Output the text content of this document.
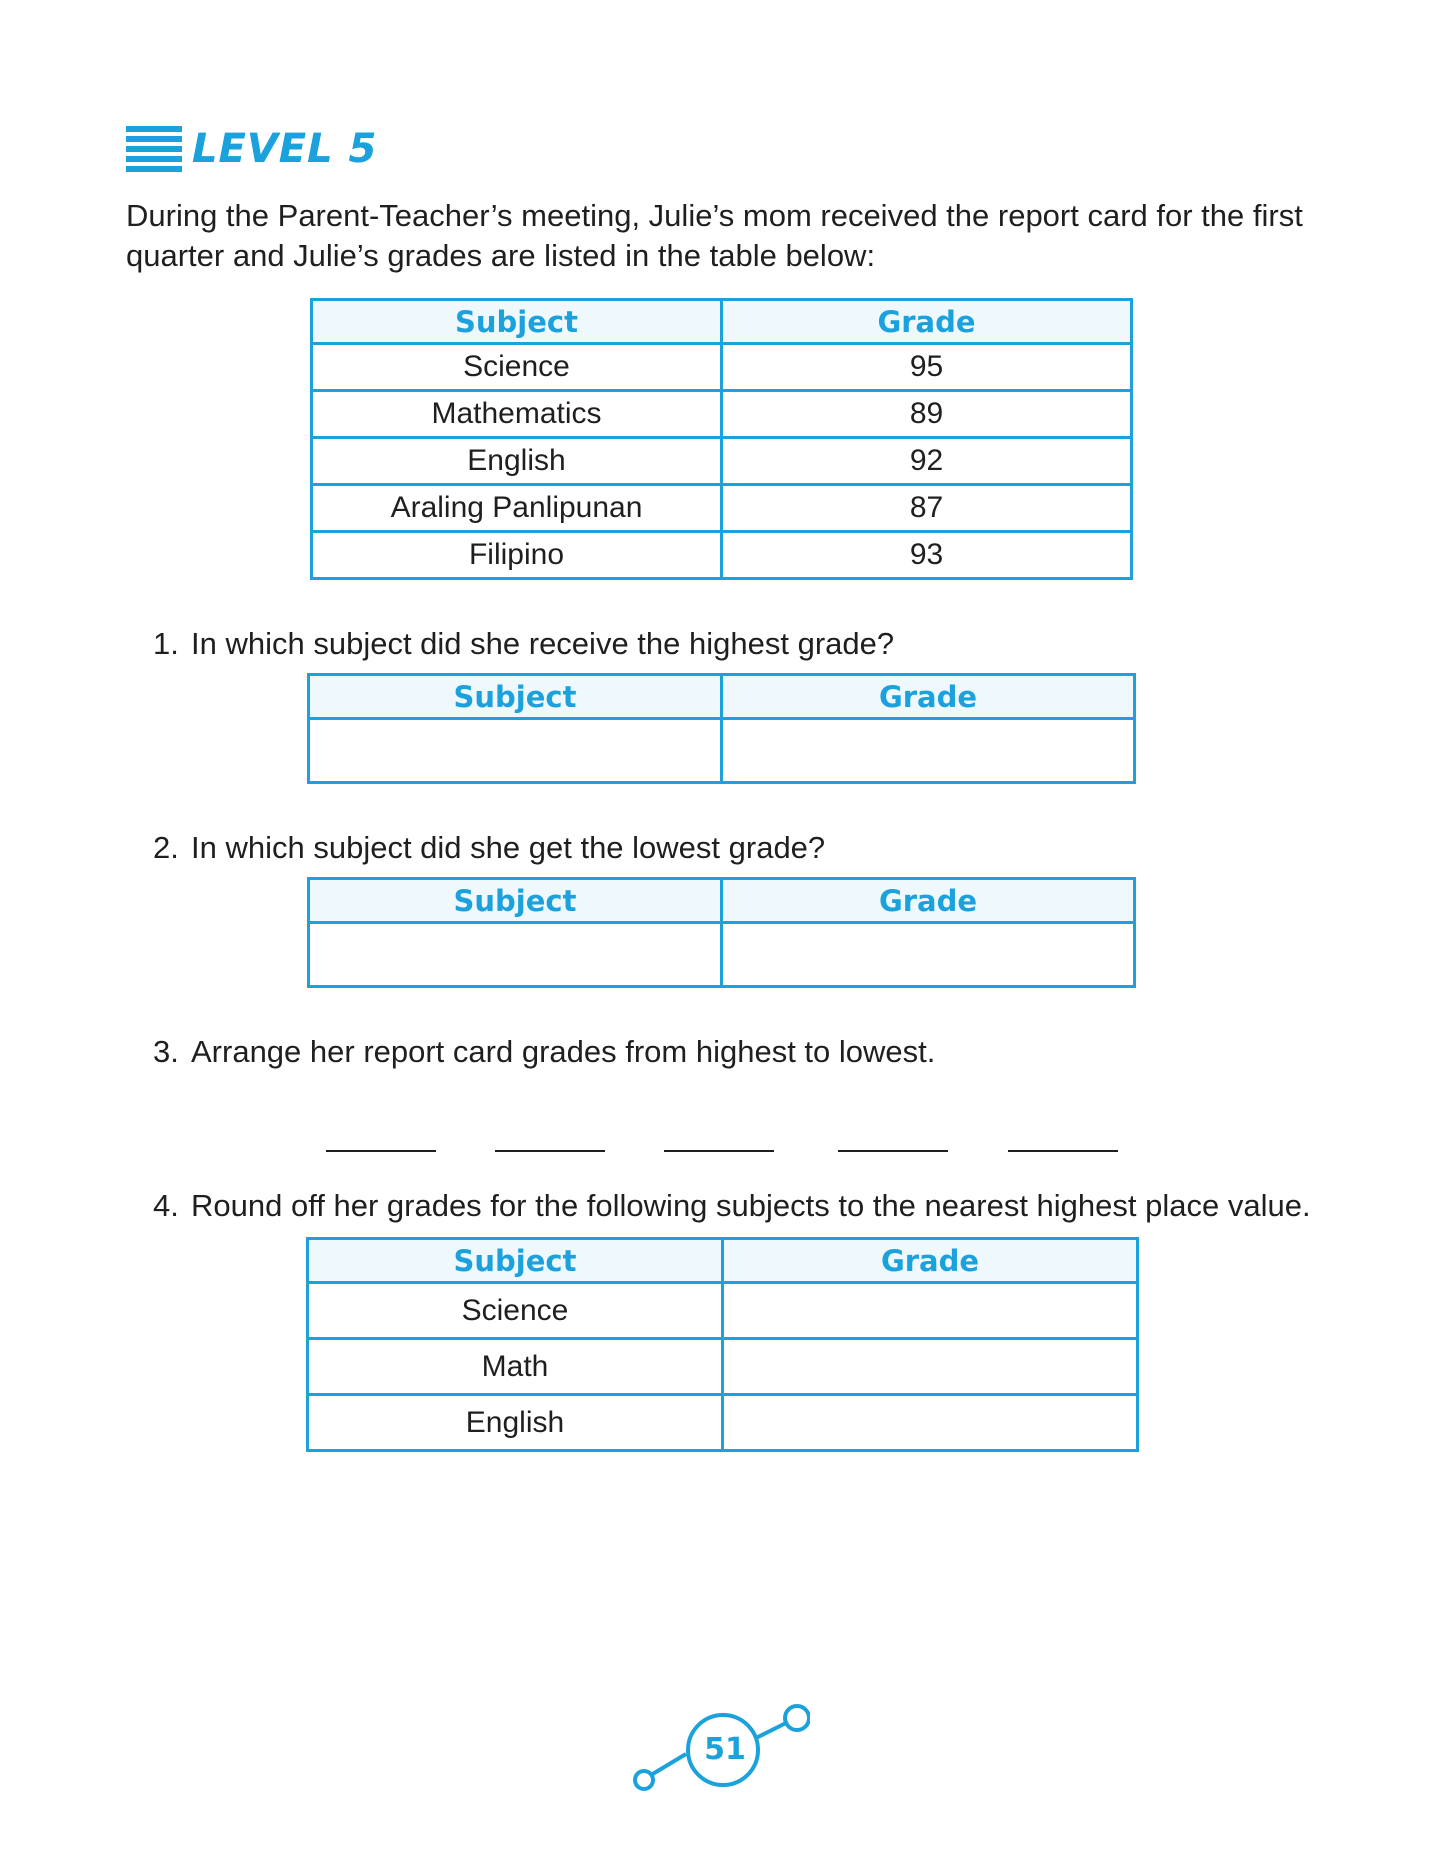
LEVEL 5

During the Parent-Teacher’s meeting, Julie’s mom received the report card for the first quarter and Julie’s grades are listed in the table below:

Subject	Grade
Science	95
Mathematics	89
English	92
Araling Panlipunan	87
Filipino	93

1. In which subject did she receive the highest grade?

Subject	Grade

2. In which subject did she get the lowest grade?

Subject	Grade

3. Arrange her report card grades from highest to lowest.

4. Round off her grades for the following subjects to the nearest highest place value.

Subject	Grade
Science	
Math	
English	
51
